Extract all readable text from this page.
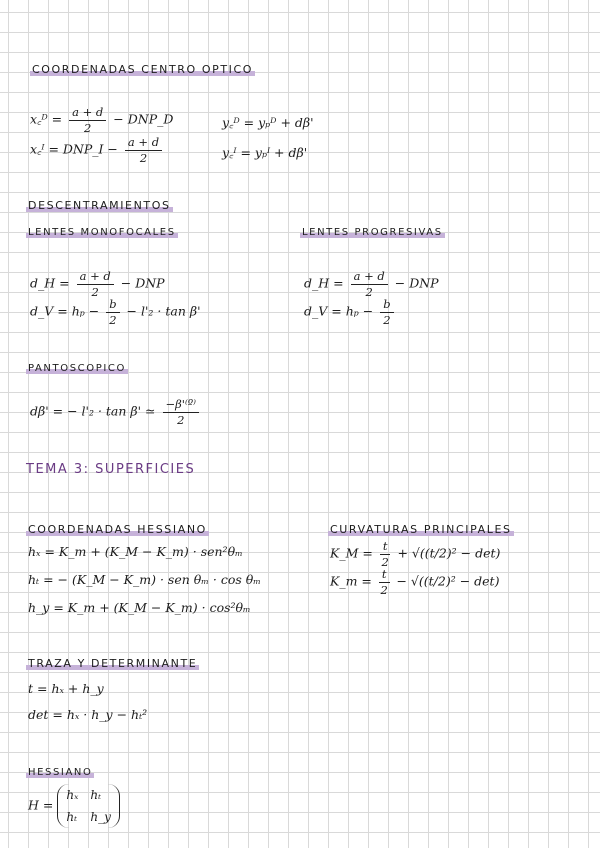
COORDENADAS CENTRO OPTICO
x꜀ᴰ = $\frac{a + d}{2}$ − DNP_D
x꜀ᴵ = DNP_I − $\frac{a + d}{2}$
y꜀ᴰ = yₚᴰ + dβ'
y꜀ᴵ = yₚᴵ + dβ'
DESCENTRAMIENTOS
LENTES MONOFOCALES	LENTES PROGRESIVAS
d_H = $\frac{a + d}{2}$ − DNP
d_V = $h_p - \frac{b}{2} - l'_2 \cdot \tan \beta'$
d_H = $\frac{a + d}{2}$ − DNP
d_V = $h_p - \frac{b}{2}$
PANTOSCOPICO
dβ' = − l'₂ · tan β' ≃ $\frac{\text{−β'⁽º⁾}}{2}$
TEMA 3: SUPERFICIES
COORDENADAS HESSIANO
hₓ = K_m + (K_M − K_m) · sen²θₘ
hₜ = − (K_M − K_m) · sen θₘ · cos θₘ
h_y = K_m + (K_M − K_m) · cos²θₘ
CURVATURAS PRINCIPALES
K_M = $\frac{t}{2} + √((t/2)^2 - \det)$
K_m = $\frac{t}{2} - √((t/2)^2 - \det)$
TRAZA Y DETERMINANTE
t = hₓ + h_y
det = hₓ · h_y − hₜ²
HESSIANO
H =
hₓ hₜ
hₜ h_y
